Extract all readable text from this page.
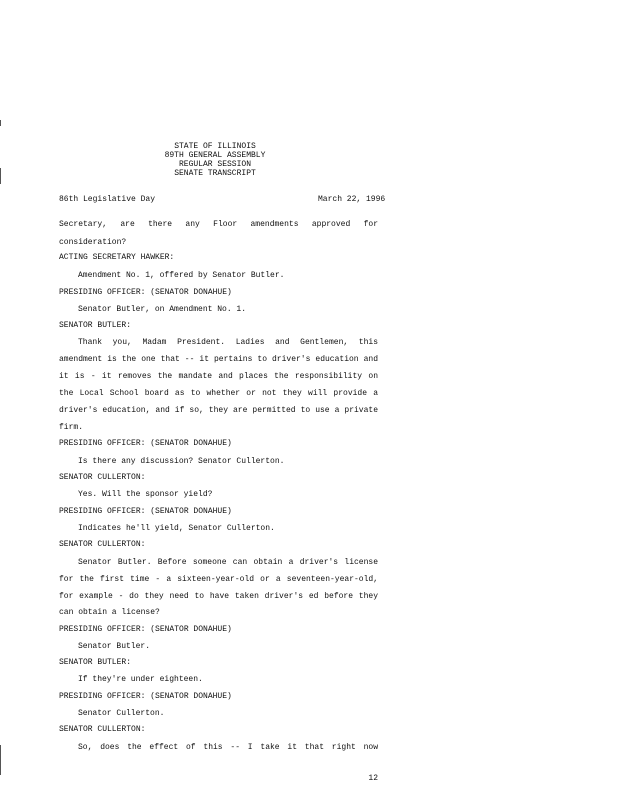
STATE OF ILLINOIS
89TH GENERAL ASSEMBLY
REGULAR SESSION
SENATE TRANSCRIPT
86th Legislative Day	March 22, 1996
Secretary, are there any Floor amendments approved for
consideration?
ACTING SECRETARY HAWKER:
Amendment No. 1, offered by Senator Butler.
PRESIDING OFFICER: (SENATOR DONAHUE)
Senator Butler, on Amendment No. 1.
SENATOR BUTLER:
Thank you, Madam President. Ladies and Gentlemen, this
amendment is the one that -- it pertains to driver's education and
it is - it removes the mandate and places the responsibility on
the Local School board as to whether or not they will provide a
driver's education, and if so, they are permitted to use a private
firm.
PRESIDING OFFICER: (SENATOR DONAHUE)
Is there any discussion? Senator Cullerton.
SENATOR CULLERTON:
Yes. Will the sponsor yield?
PRESIDING OFFICER: (SENATOR DONAHUE)
Indicates he'll yield, Senator Cullerton.
SENATOR CULLERTON:
Senator Butler. Before someone can obtain a driver's license
for the first time - a sixteen-year-old or a seventeen-year-old,
for example - do they need to have taken driver's ed before they
can obtain a license?
PRESIDING OFFICER: (SENATOR DONAHUE)
Senator Butler.
SENATOR BUTLER:
If they're under eighteen.
PRESIDING OFFICER: (SENATOR DONAHUE)
Senator Cullerton.
SENATOR CULLERTON:
So, does the effect of this -- I take it that right now
12
